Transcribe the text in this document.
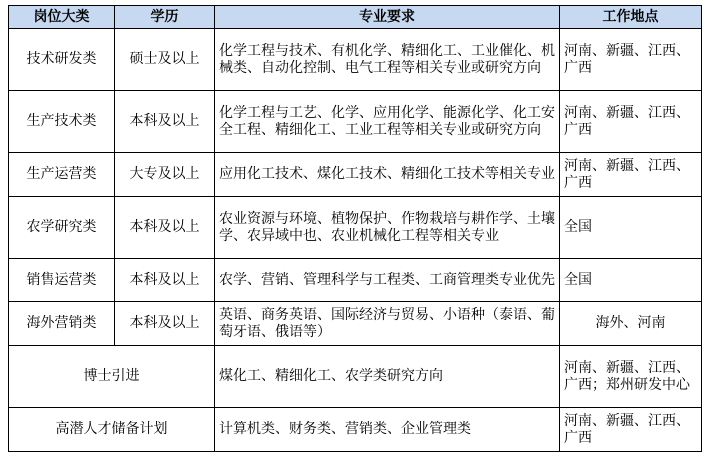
岗位大类	学历	专业要求	工作地点
技术研发类	硕士及以上	化学工程与技术、有机化学、精细化工、工业催化、机械类、自动化控制、电气工程等相关专业或研究方向	河南、新疆、江西、广西
生产技术类	本科及以上	化学工程与工艺、化学、应用化学、能源化学、化工安全工程、精细化工、工业工程等相关专业或研究方向	河南、新疆、江西、广西
生产运营类	大专及以上	应用化工技术、煤化工技术、精细化工技术等相关专业	河南、新疆、江西、广西
农学研究类	本科及以上	农业资源与环境、植物保护、作物栽培与耕作学、土壤学、农异域中也、农业机械化工程等相关专业	全国
销售运营类	本科及以上	农学、营销、管理科学与工程类、工商管理类专业优先	全国
海外营销类	本科及以上	英语、商务英语、国际经济与贸易、小语种（泰语、葡萄牙语、俄语等）	海外、河南
博士引进		煤化工、精细化工、农学类研究方向	河南、新疆、江西、广西；郑州研发中心
高潜人才储备计划		计算机类、财务类、营销类、企业管理类	河南、新疆、江西、广西
